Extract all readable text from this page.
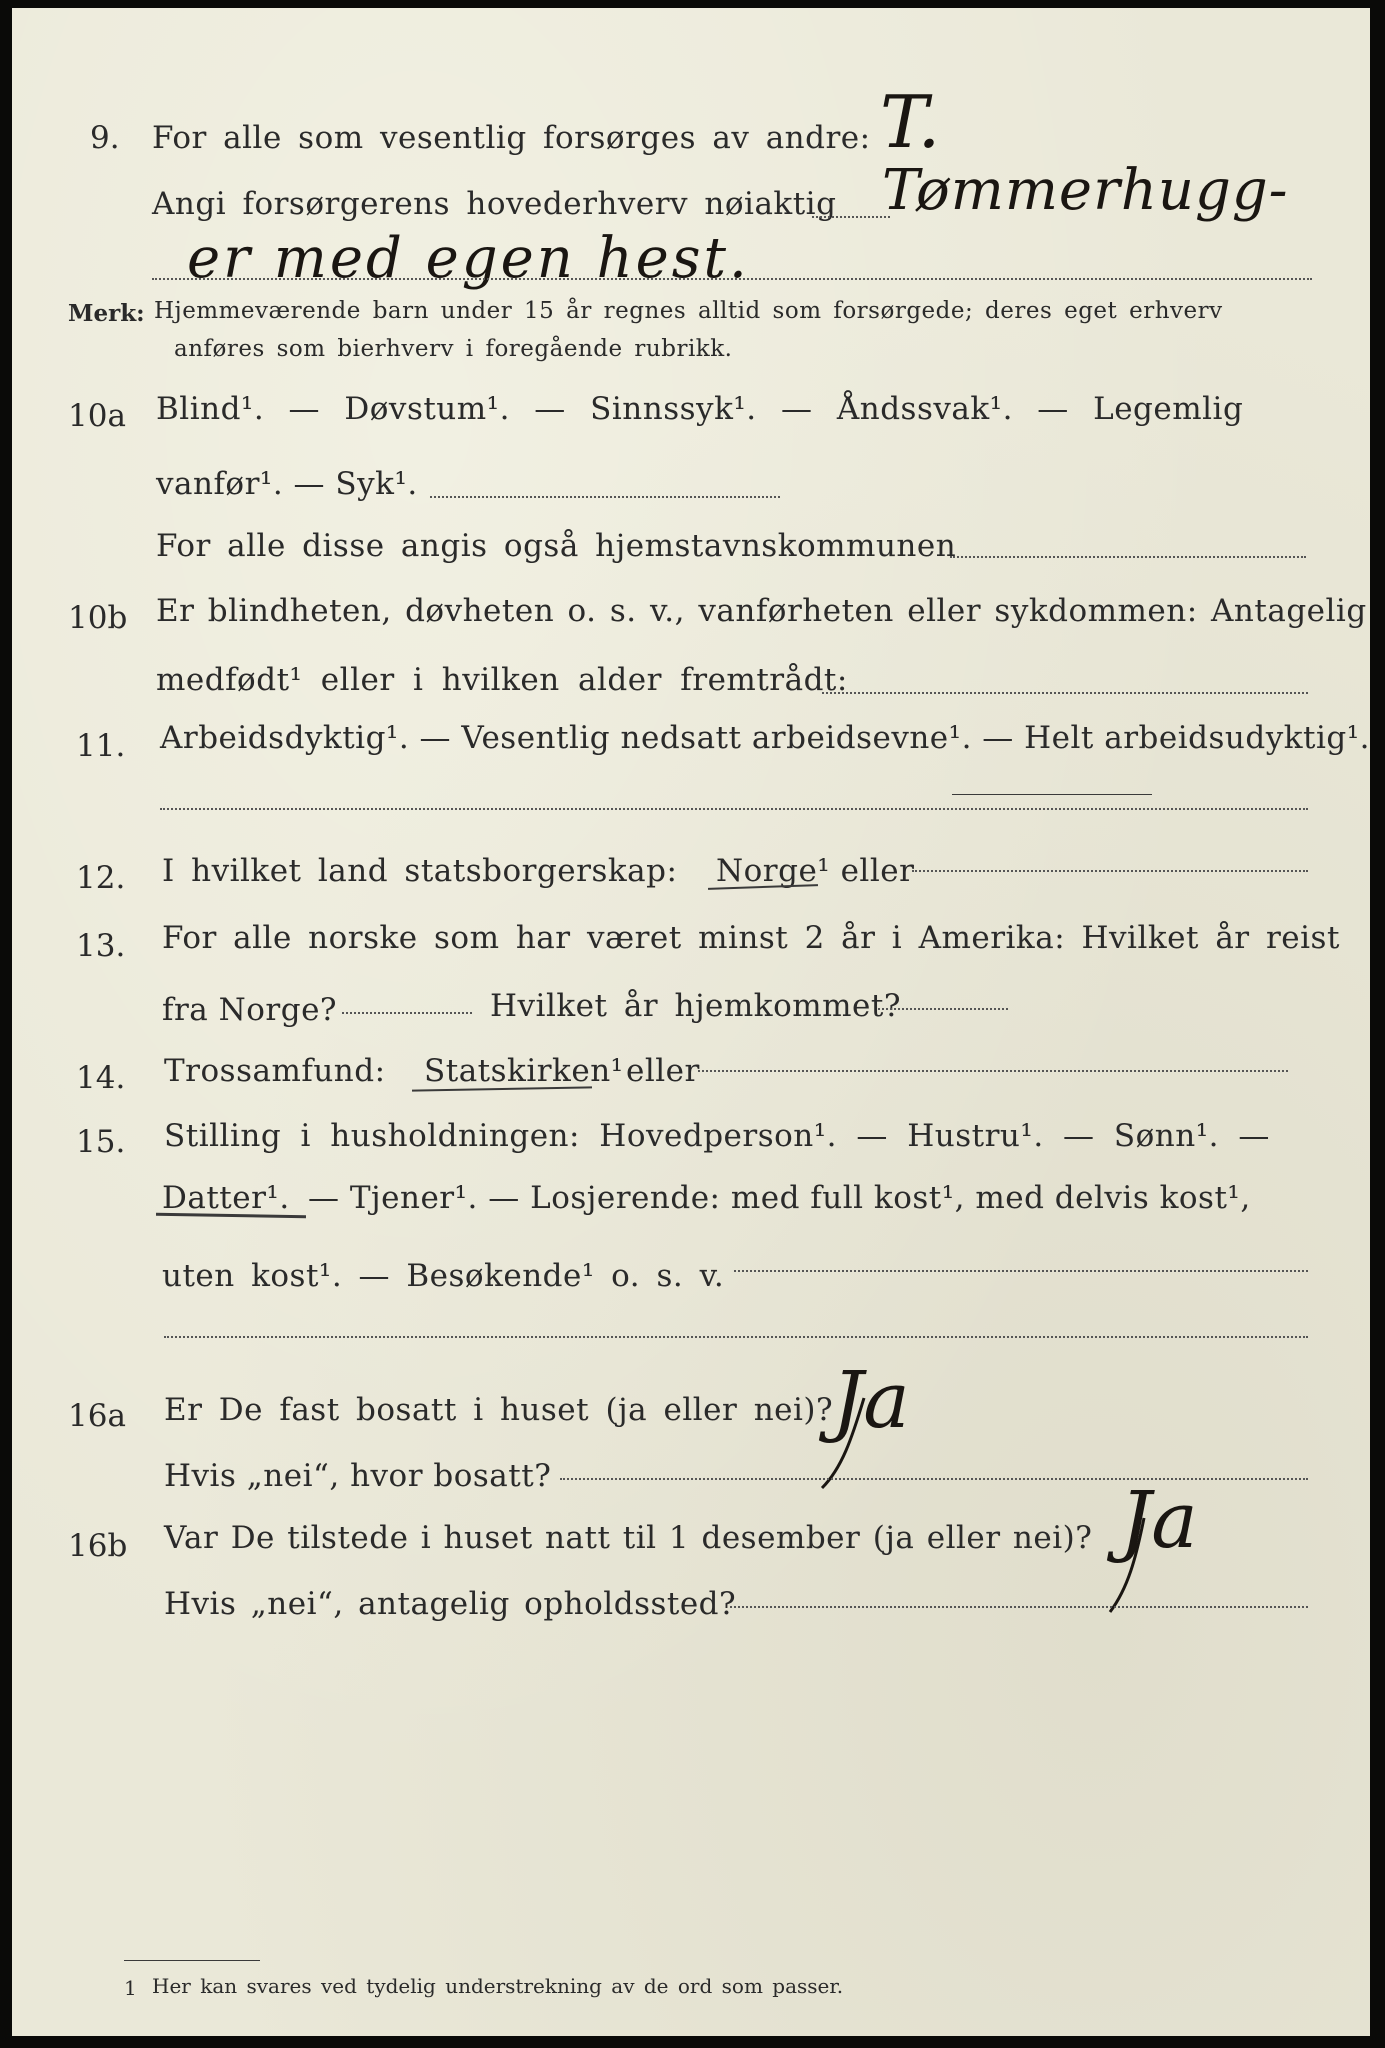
9. For alle som vesentlig forsørges av andre: T.
Angi forsørgerens hovederhverv nøiaktig Tømmerhugg-
er med egen hest.
Merk: Hjemmeværende barn under 15 år regnes alltid som forsørgede; deres eget erhverv
anføres som bierhverv i foregående rubrikk.
10a Blind¹. — Døvstum¹. — Sinnssyk¹. — Åndssvak¹. — Legemlig
vanfør¹. — Syk¹.
For alle disse angis også hjemstavnskommunen
10b Er blindheten, døvheten o. s. v., vanførheten eller sykdommen: Antagelig
medfødt¹ eller i hvilken alder fremtrådt:
11. Arbeidsdyktig¹. — Vesentlig nedsatt arbeidsevne¹. — Helt arbeidsudyktig¹.
12. I hvilket land statsborgerskap: Norge¹ eller
13. For alle norske som har været minst 2 år i Amerika: Hvilket år reist
fra Norge?	Hvilket år hjemkommet?
14. Trossamfund: Statskirken¹ eller
15. Stilling i husholdningen: Hovedperson¹. — Hustru¹. — Sønn¹. —
Datter¹. — Tjener¹. — Losjerende: med full kost¹, med delvis kost¹,
uten kost¹. — Besøkende¹ o. s. v.
16a Er De fast bosatt i huset (ja eller nei)?
Ja
Hvis „nei“, hvor bosatt?
16b Var De tilstede i huset natt til 1 desember (ja eller nei)? Ja
Hvis „nei“, antagelig opholdssted?
1 Her kan svares ved tydelig understrekning av de ord som passer.
